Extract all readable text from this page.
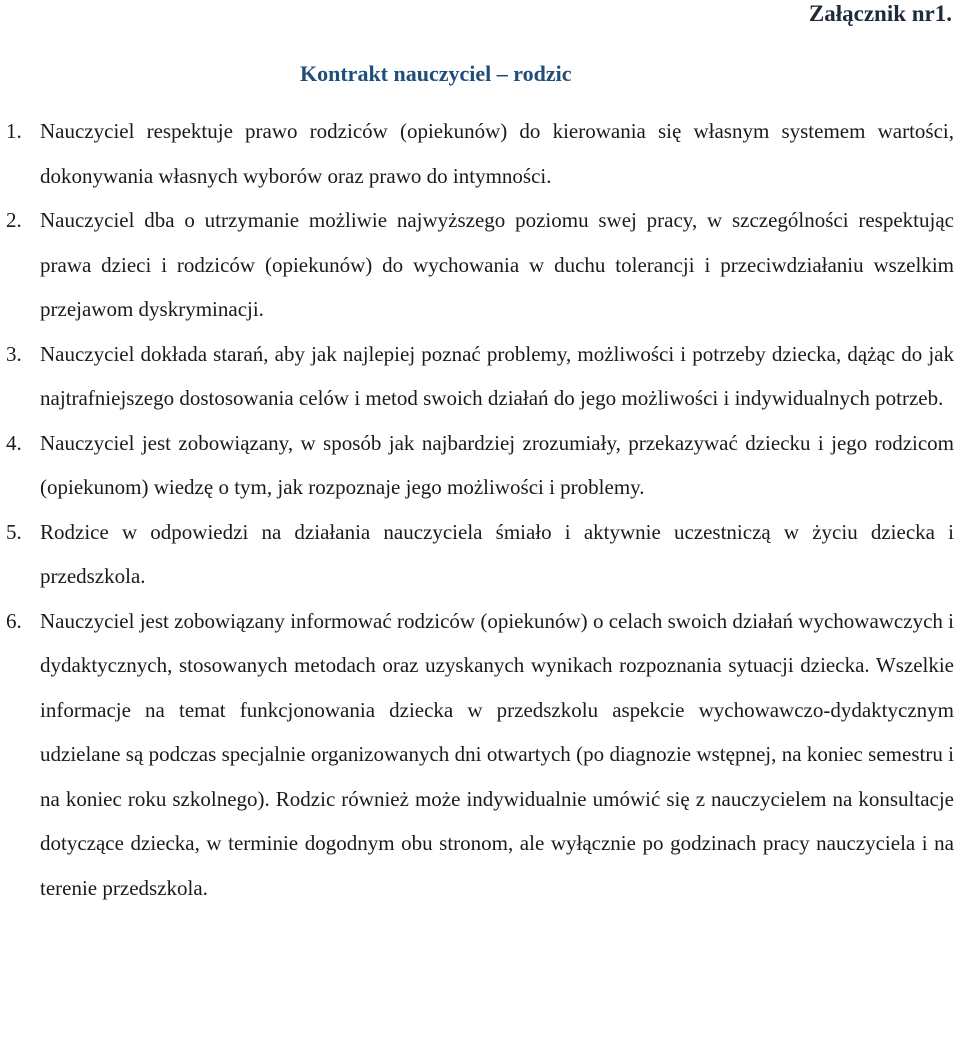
Załącznik nr1.
Kontrakt nauczyciel – rodzic
1. Nauczyciel respektuje prawo rodziców (opiekunów) do kierowania się własnym systemem wartości, dokonywania własnych wyborów oraz prawo do intymności.
2. Nauczyciel dba o utrzymanie możliwie najwyższego poziomu swej pracy, w szczególności respektując prawa dzieci i rodziców (opiekunów) do wychowania w duchu tolerancji i przeciwdziałaniu wszelkim przejawom dyskryminacji.
3. Nauczyciel dokłada starań, aby jak najlepiej poznać problemy, możliwości i potrzeby dziecka, dążąc do jak najtrafniejszego dostosowania celów i metod swoich działań do jego możliwości i indywidualnych potrzeb.
4. Nauczyciel jest zobowiązany, w sposób jak najbardziej zrozumiały, przekazywać dziecku i jego rodzicom (opiekunom) wiedzę o tym, jak rozpoznaje jego możliwości i problemy.
5. Rodzice w odpowiedzi na działania nauczyciela śmiało i aktywnie uczestniczą w życiu dziecka i przedszkola.
6. Nauczyciel jest zobowiązany informować rodziców (opiekunów) o celach swoich działań wychowawczych i dydaktycznych, stosowanych metodach oraz uzyskanych wynikach rozpoznania sytuacji dziecka. Wszelkie informacje na temat funkcjonowania dziecka w przedszkolu aspekcie wychowawczo-dydaktycznym udzielane są podczas specjalnie organizowanych dni otwartych (po diagnozie wstępnej, na koniec semestru i na koniec roku szkolnego). Rodzic również może indywidualnie umówić się z nauczycielem na konsultacje dotyczące dziecka, w terminie dogodnym obu stronom, ale wyłącznie po godzinach pracy nauczyciela i na terenie przedszkola.
